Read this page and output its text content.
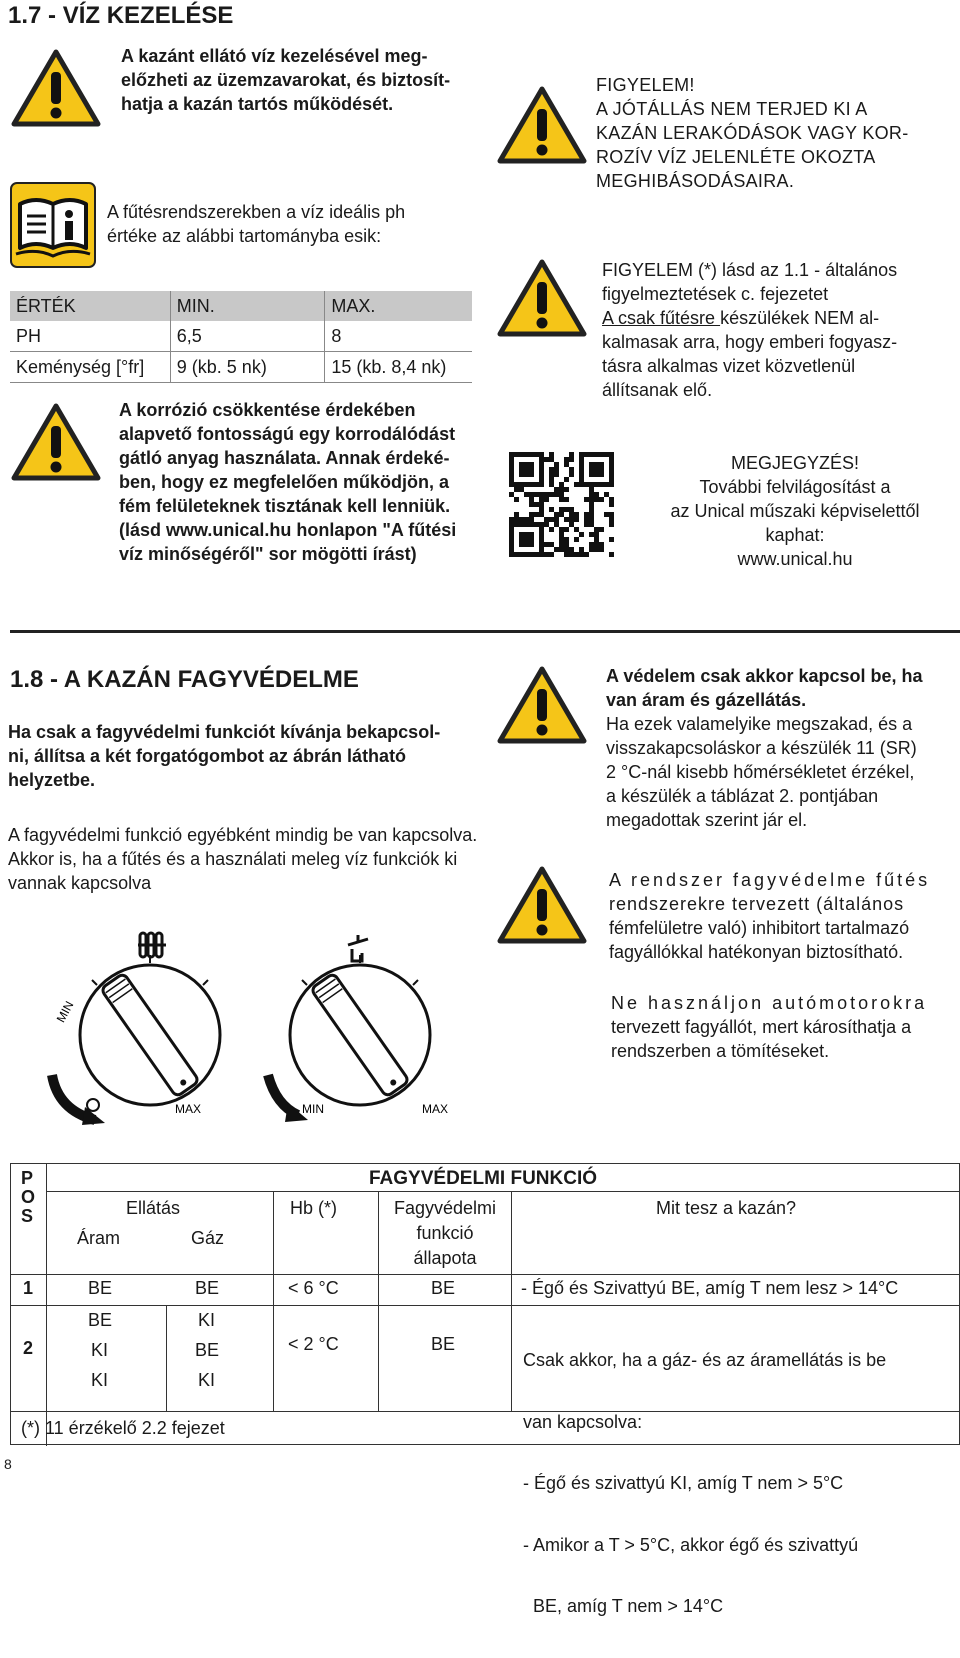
1.7 - VÍZ KEZELÉSE
A kazánt ellátó víz kezelésével meg-
előzheti az üzemzavarokat, és biztosít-
hatja a kazán tartós működését.
A fűtésrendszerekben a víz ideális ph
értéke az alábbi tartományba esik:
ÉRTÉK	MIN.	MAX.
PH	6,5	8
Keménység [°fr]	9 (kb. 5 nk)	15 (kb. 8,4 nk)
A korrózió csökkentése érdekében
alapvető fontosságú egy korrodálódást
gátló anyag használata. Annak érdeké-
ben, hogy ez megfelelően működjön, a
fém felületeknek tisztának kell lenniük.
(lásd www.unical.hu honlapon "A fűtési
víz minőségéről" sor mögötti írást)
FIGYELEM!
A JÓTÁLLÁS NEM TERJED KI A
KAZÁN LERAKÓDÁSOK VAGY KOR-
ROZÍV VÍZ JELENLÉTE OKOZTA
MEGHIBÁSODÁSAIRA.
FIGYELEM (*) lásd az 1.1 - általános
figyelmeztetések c. fejezetet
A csak fűtésre készülékek NEM al-
kalmasak arra, hogy emberi fogyasz-
tásra alkalmas vizet közvetlenül
állítsanak elő.
MEGJEGYZÉS!
További felvilágosítást a
az Unical műszaki képviselettől
kaphat:
www.unical.hu
1.8 - A KAZÁN FAGYVÉDELME
Ha csak a fagyvédelmi funkciót kívánja bekapcsol-
ni, állítsa a két forgatógombot az ábrán látható
helyzetbe.
A fagyvédelmi funkció egyébként mindig be van kapcsolva.
Akkor is, ha a fűtés és a használati meleg víz funkciók ki
vannak kapcsolva
MIN
MAX	MIN	MAX
A védelem csak akkor kapcsol be, ha
van áram és gázellátás.
Ha ezek valamelyike megszakad, és a
visszakapcsoláskor a készülék 11 (SR)
2 °C-nál kisebb hőmérsékletet érzékel,
a készülék a táblázat 2. pontjában
megadottak szerint jár el.
A rendszer fagyvédelme fűtés
rendszerekre tervezett (általános
fémfelületre való) inhibitort tartalmazó
fagyállókkal hatékonyan biztosítható.
Ne használjon autómotorokra
tervezett fagyállót, mert károsíthatja a
rendszerben a tömítéseket.
P
O
S
FAGYVÉDELMI FUNKCIÓ
Ellátás
Áram	Gáz
Hb (*)	Fagyvédelmi
funkció
állapota
Mit tesz a kazán?
1	BE	BE	< 6 °C	BE	- Égő és Szivattyú BE, amíg T nem lesz > 14°C
2
BE	KI
KI	BE
KI	KI
< 2 °C	BE

Csak akkor, ha a gáz- és az áramellátás is be

van kapcsolva:

- Égő és szivattyú KI, amíg T nem > 5°C

- Amikor a T > 5°C, akkor égő és szivattyú

BE, amíg T nem > 14°C

(*) 11 érzékelő 2.2 fejezet
8
